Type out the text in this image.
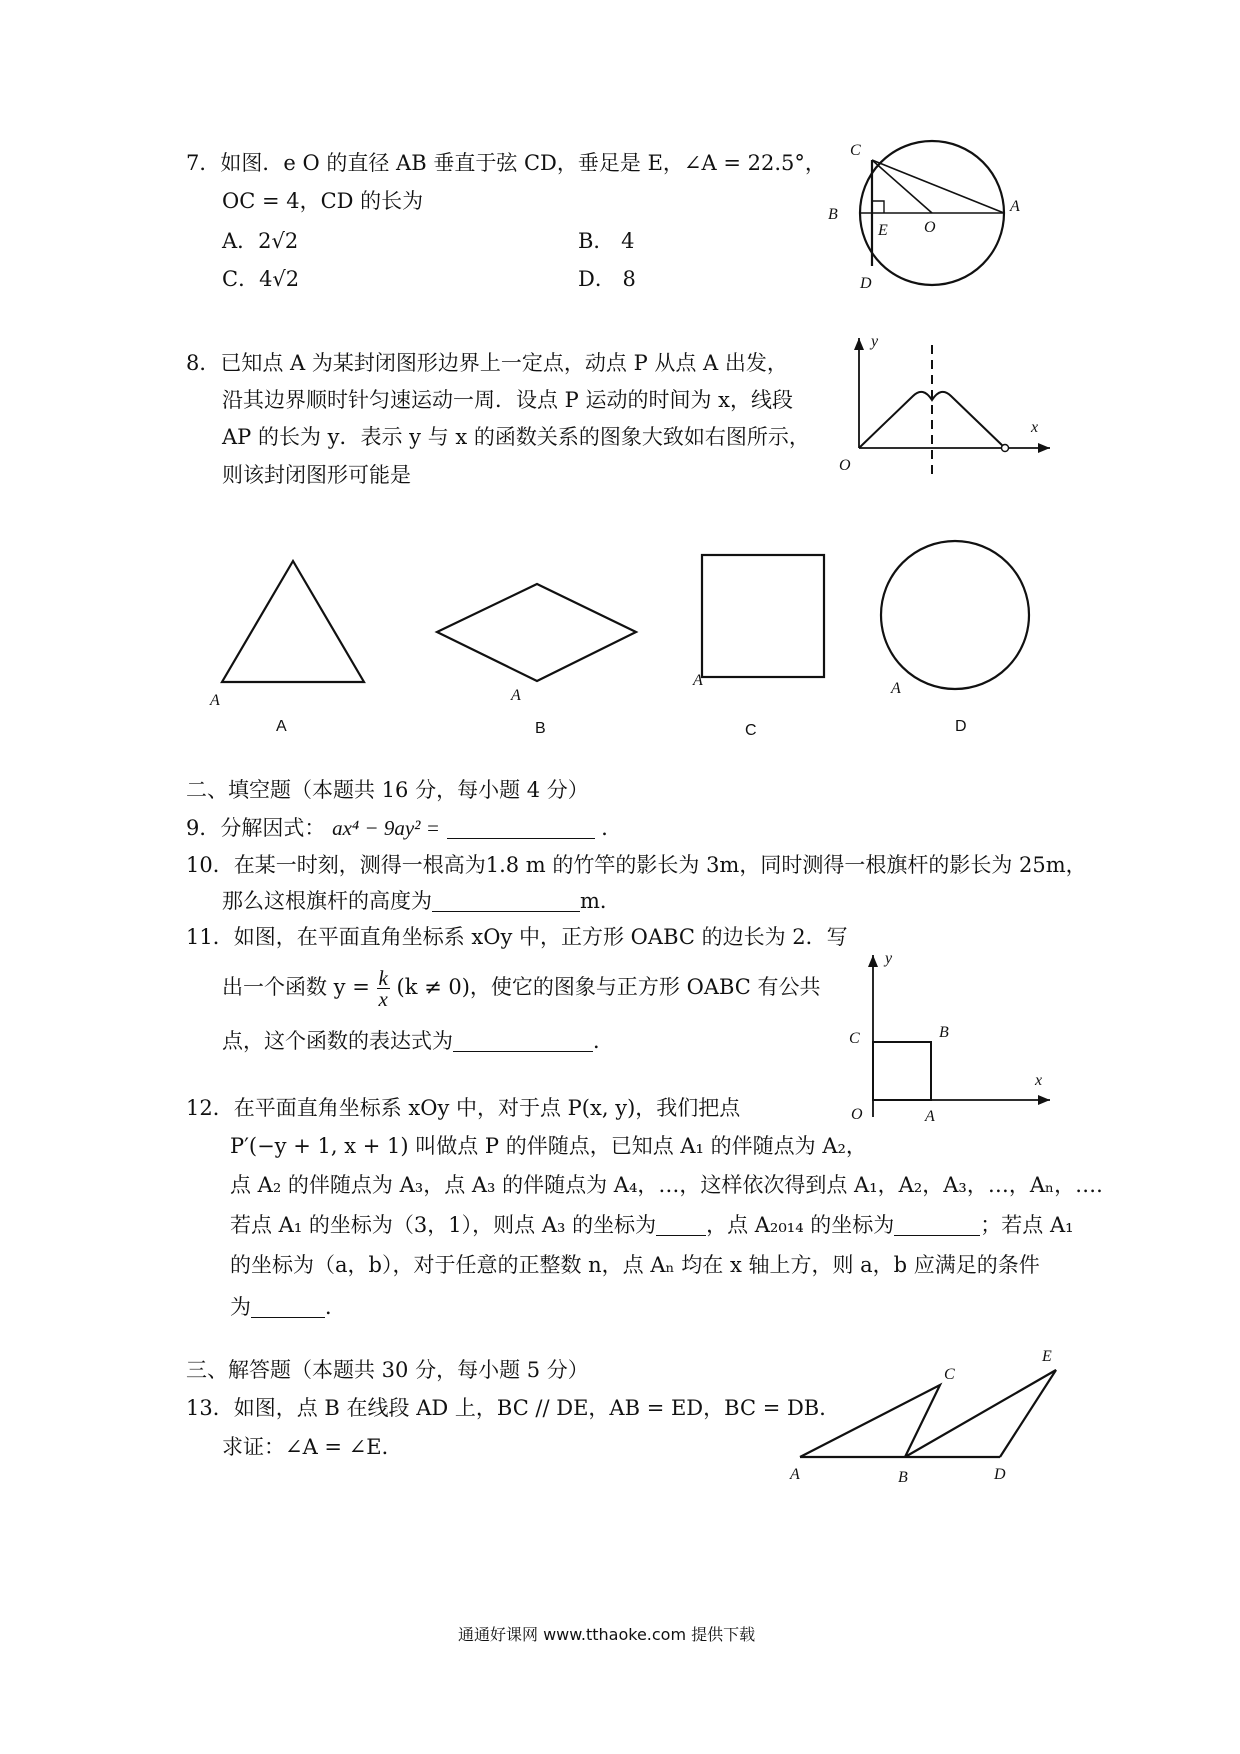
7．如图．e O 的直径 AB 垂直于弦 CD，垂足是 E，∠A = 22.5°，
OC = 4，CD 的长为
A．2√2	B． 4
C．4√2	D． 8
C
B
E O
A
D
8．已知点 A 为某封闭图形边界上一定点，动点 P 从点 A 出发，
沿其边界顺时针匀速运动一周．设点 P 运动的时间为 x，线段
AP 的长为 y．表示 y 与 x 的函数关系的图象大致如右图所示，
则该封闭图形可能是
y
x
O
A
A
A
B
A
C
A
D
二、填空题（本题共 16 分，每小题 4 分）
9．分解因式： ax⁴ − 9ay² =	．
10．在某一时刻，测得一根高为1.8 m 的竹竿的影长为 3m，同时测得一根旗杆的影长为 25m，
那么这根旗杆的高度为	m．
11．如图，在平面直角坐标系 xOy 中，正方形 OABC 的边长为 2．写
出一个函数 $y = \frac{k}{x} (k \ne 0)$，使它的图象与正方形 OABC 有公共
点，这个函数的表达式为	．
y
C	B
x
O	A
12．在平面直角坐标系 xOy 中，对于点 P(x, y)，我们把点
P′(−y + 1, x + 1) 叫做点 P 的伴随点，已知点 A₁ 的伴随点为 A₂，
点 A₂ 的伴随点为 A₃，点 A₃ 的伴随点为 A₄，…，这样依次得到点 A₁，A₂，A₃，…，Aₙ，….
若点 A₁ 的坐标为（3，1），则点 A₃ 的坐标为 ，点 A₂₀₁₄ 的坐标为	；若点 A₁
的坐标为（a，b），对于任意的正整数 n，点 Aₙ 均在 x 轴上方，则 a，b 应满足的条件
为	．
三、解答题（本题共 30 分，每小题 5 分）
13．如图，点 B 在线段 AD 上，BC // DE，AB = ED，BC = DB．
求证：∠A = ∠E．
E
C
A	B	D
通通好课网 www.tthaoke.com 提供下载
